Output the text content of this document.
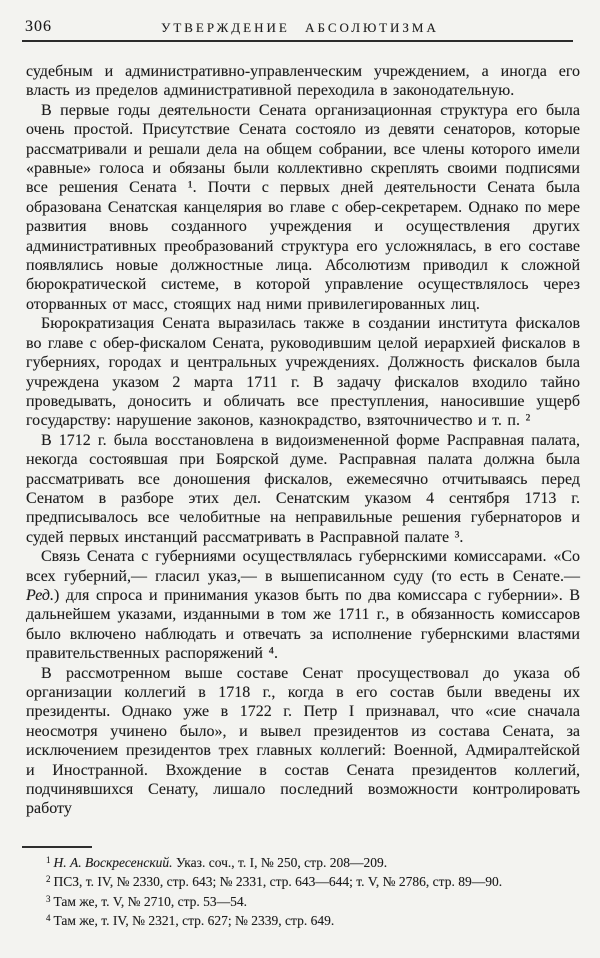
306	УТВЕРЖДЕНИЕ АБСОЛЮТИЗМА

судебным и административно-управленческим учреждением, а иногда его власть из пределов административной переходила в законодательную.

В первые годы деятельности Сената организационная структура его была очень простой. Присутствие Сената состояло из девяти сенаторов, которые рассматривали и решали дела на общем собрании, все члены которого имели «равные» голоса и обязаны были коллективно скреплять своими подписями все решения Сената ¹. Почти с первых дней деятельности Сената была образована Сенатская канцелярия во главе с обер-секретарем. Однако по мере развития вновь созданного учреждения и осуществления других административных преобразований структура его усложнялась, в его составе появлялись новые должностные лица. Абсолютизм приводил к сложной бюрократической системе, в которой управление осуществлялось через оторванных от масс, стоящих над ними привилегированных лиц.

Бюрократизация Сената выразилась также в создании института фискалов во главе с обер-фискалом Сената, руководившим целой иерархией фискалов в губерниях, городах и центральных учреждениях. Должность фискалов была учреждена указом 2 марта 1711 г. В задачу фискалов входило тайно проведывать, доносить и обличать все преступления, наносившие ущерб государству: нарушение законов, казнокрадство, взяточничество и т. п. ²

В 1712 г. была восстановлена в видоизмененной форме Расправная палата, некогда состоявшая при Боярской думе. Расправная палата должна была рассматривать все доношения фискалов, ежемесячно отчитываясь перед Сенатом в разборе этих дел. Сенатским указом 4 сентября 1713 г. предписывалось все челобитные на неправильные решения губернаторов и судей первых инстанций рассматривать в Расправной палате ³.

Связь Сената с губерниями осуществлялась губернскими комиссарами. «Со всех губерний,— гласил указ,— в вышеписанном суду (то есть в Сенате.— Ред.) для спроса и принимания указов быть по два комиссара с губернии». В дальнейшем указами, изданными в том же 1711 г., в обязанность комиссаров было включено наблюдать и отвечать за исполнение губернскими властями правительственных распоряжений ⁴.

В рассмотренном выше составе Сенат просуществовал до указа об организации коллегий в 1718 г., когда в его состав были введены их президенты. Однако уже в 1722 г. Петр I признавал, что «сие сначала неосмотря учинено было», и вывел президентов из состава Сената, за исключением президентов трех главных коллегий: Военной, Адмиралтейской и Иностранной. Вхождение в состав Сената президентов коллегий, подчинявшихся Сенату, лишало последний возможности контролировать работу

$^1$ Н. А. Воскресенский. Указ. соч., т. I, № 250, стр. 208—209.

$^2$ ПСЗ, т. IV, № 2330, стр. 643; № 2331, стр. 643—644; т. V, № 2786, стр. 89—90.

$^3$ Там же, т. V, № 2710, стр. 53—54.

$^4$ Там же, т. IV, № 2321, стр. 627; № 2339, стр. 649.
